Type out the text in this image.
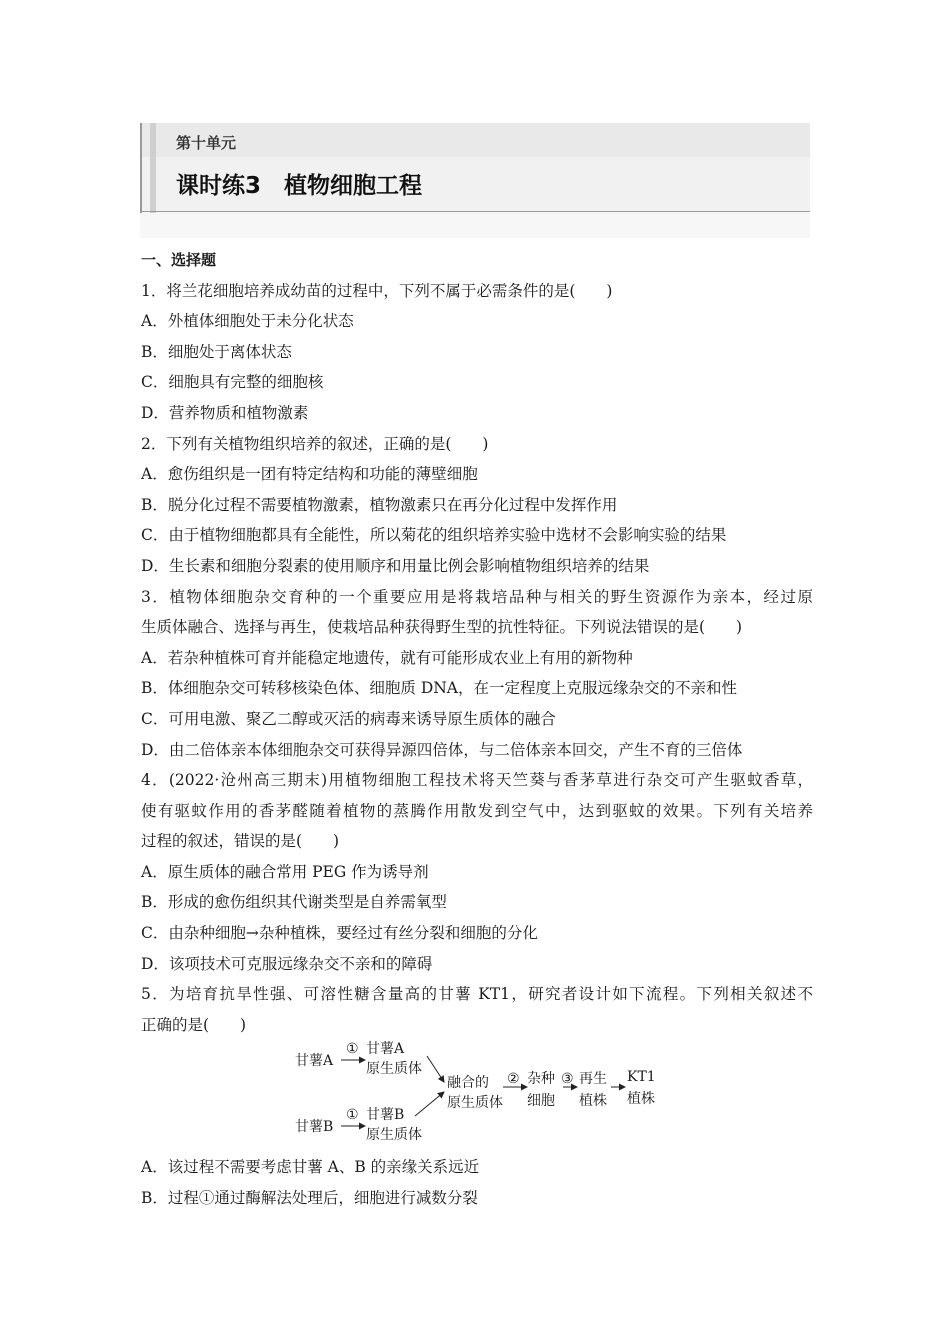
第十单元
课时练3　植物细胞工程
一、选择题
1．将兰花细胞培养成幼苗的过程中，下列不属于必需条件的是(　　)
A．外植体细胞处于未分化状态
B．细胞处于离体状态
C．细胞具有完整的细胞核
D．营养物质和植物激素
2．下列有关植物组织培养的叙述，正确的是(　　)
A．愈伤组织是一团有特定结构和功能的薄壁细胞
B．脱分化过程不需要植物激素，植物激素只在再分化过程中发挥作用
C．由于植物细胞都具有全能性，所以菊花的组织培养实验中选材不会影响实验的结果
D．生长素和细胞分裂素的使用顺序和用量比例会影响植物组织培养的结果
3．植物体细胞杂交育种的一个重要应用是将栽培品种与相关的野生资源作为亲本，经过原
生质体融合、选择与再生，使栽培品种获得野生型的抗性特征。下列说法错误的是(　　)
A．若杂种植株可育并能稳定地遗传，就有可能形成农业上有用的新物种
B．体细胞杂交可转移核染色体、细胞质 DNA，在一定程度上克服远缘杂交的不亲和性
C．可用电激、聚乙二醇或灭活的病毒来诱导原生质体的融合
D．由二倍体亲本体细胞杂交可获得异源四倍体，与二倍体亲本回交，产生不育的三倍体
4．(2022·沧州高三期末)用植物细胞工程技术将天竺葵与香茅草进行杂交可产生驱蚊香草，
使有驱蚊作用的香茅醛随着植物的蒸腾作用散发到空气中，达到驱蚊的效果。下列有关培养
过程的叙述，错误的是(　　)
A．原生质体的融合常用 PEG 作为诱导剂
B．形成的愈伤组织其代谢类型是自养需氧型
C．由杂种细胞→杂种植株，要经过有丝分裂和细胞的分化
D．该项技术可克服远缘杂交不亲和的障碍
5．为培育抗旱性强、可溶性糖含量高的甘薯 KT1，研究者设计如下流程。下列相关叙述不
正确的是(　　)
甘薯A
① 甘薯A
原生质体
甘薯B
① 甘薯B
原生质体
融合的
原生质体
② 杂种
细胞
③ 再生
植株
KT1
植株
A．该过程不需要考虑甘薯 A、B 的亲缘关系远近
B．过程①通过酶解法处理后，细胞进行减数分裂
